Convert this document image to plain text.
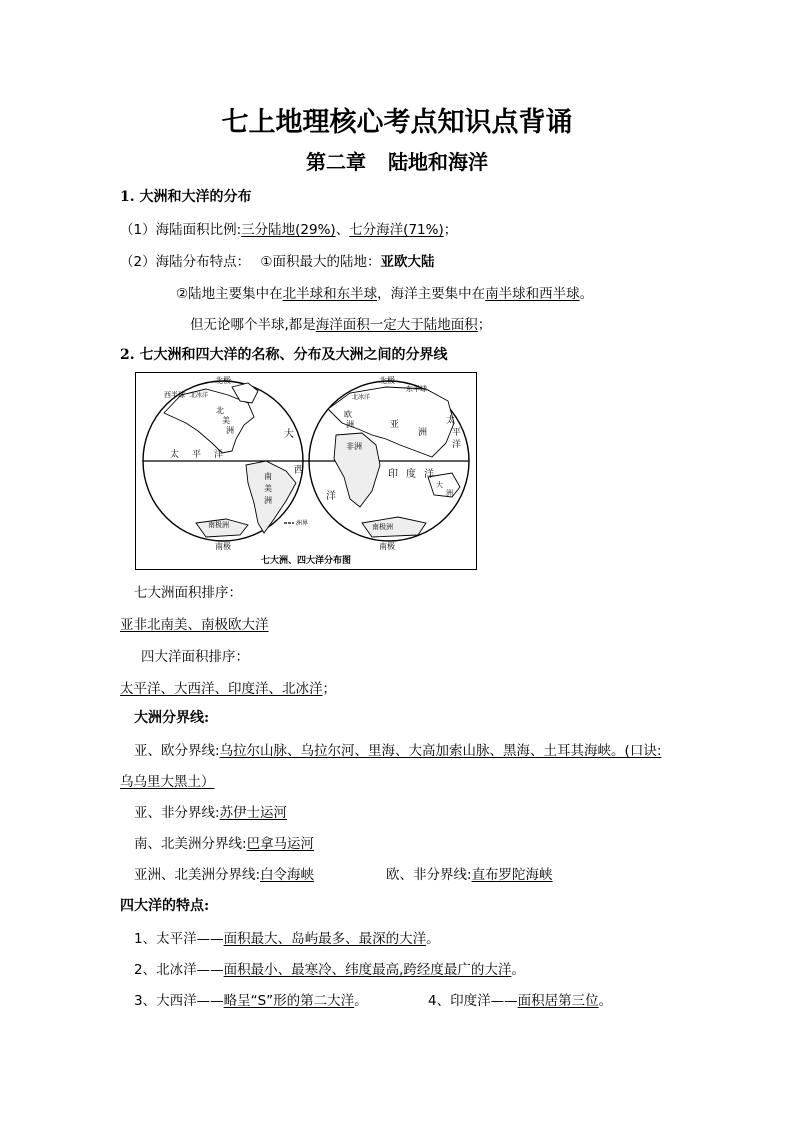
七上地理核心考点知识点背诵
第二章 陆地和海洋
1. 大洲和大洋的分布
（1）海陆面积比例:三分陆地(29%)、七分海洋(71%)；
（2）海陆分布特点： ①面积最大的陆地：亚欧大陆
②陆地主要集中在北半球和东半球，海洋主要集中在南半球和西半球。
但无论哪个半球,都是海洋面积一定大于陆地面积；
2. 七大洲和四大洋的名称、分布及大洲之间的分界线
北极
西半球 北冰洋
北
美
洲
太 平 洋
大
南
美
洲
西
南极洲
南极
洲界
北极
东半球
北冰洋
欧
洲	亚
洲
非洲
洋
印 度 洋
太
平
洋
大
洲
南极洲
南极
七大洲、四大洋分布图
七大洲面积排序：
亚非北南美、南极欧大洋
四大洋面积排序：
太平洋、大西洋、印度洋、北冰洋；
大洲分界线:
亚、欧分界线:乌拉尔山脉、乌拉尔河、里海、大高加索山脉、黑海、土耳其海峡。(口诀:
乌乌里大黑土）
亚、非分界线:苏伊士运河
南、北美洲分界线:巴拿马运河
亚洲、北美洲分界线:白令海峡	欧、非分界线:直布罗陀海峡
四大洋的特点:
1、太平洋——面积最大、岛屿最多、最深的大洋。
2、北冰洋——面积最小、最寒冷、纬度最高,跨经度最广的大洋。
3、大西洋——略呈“S”形的第二大洋。	4、印度洋——面积居第三位。
